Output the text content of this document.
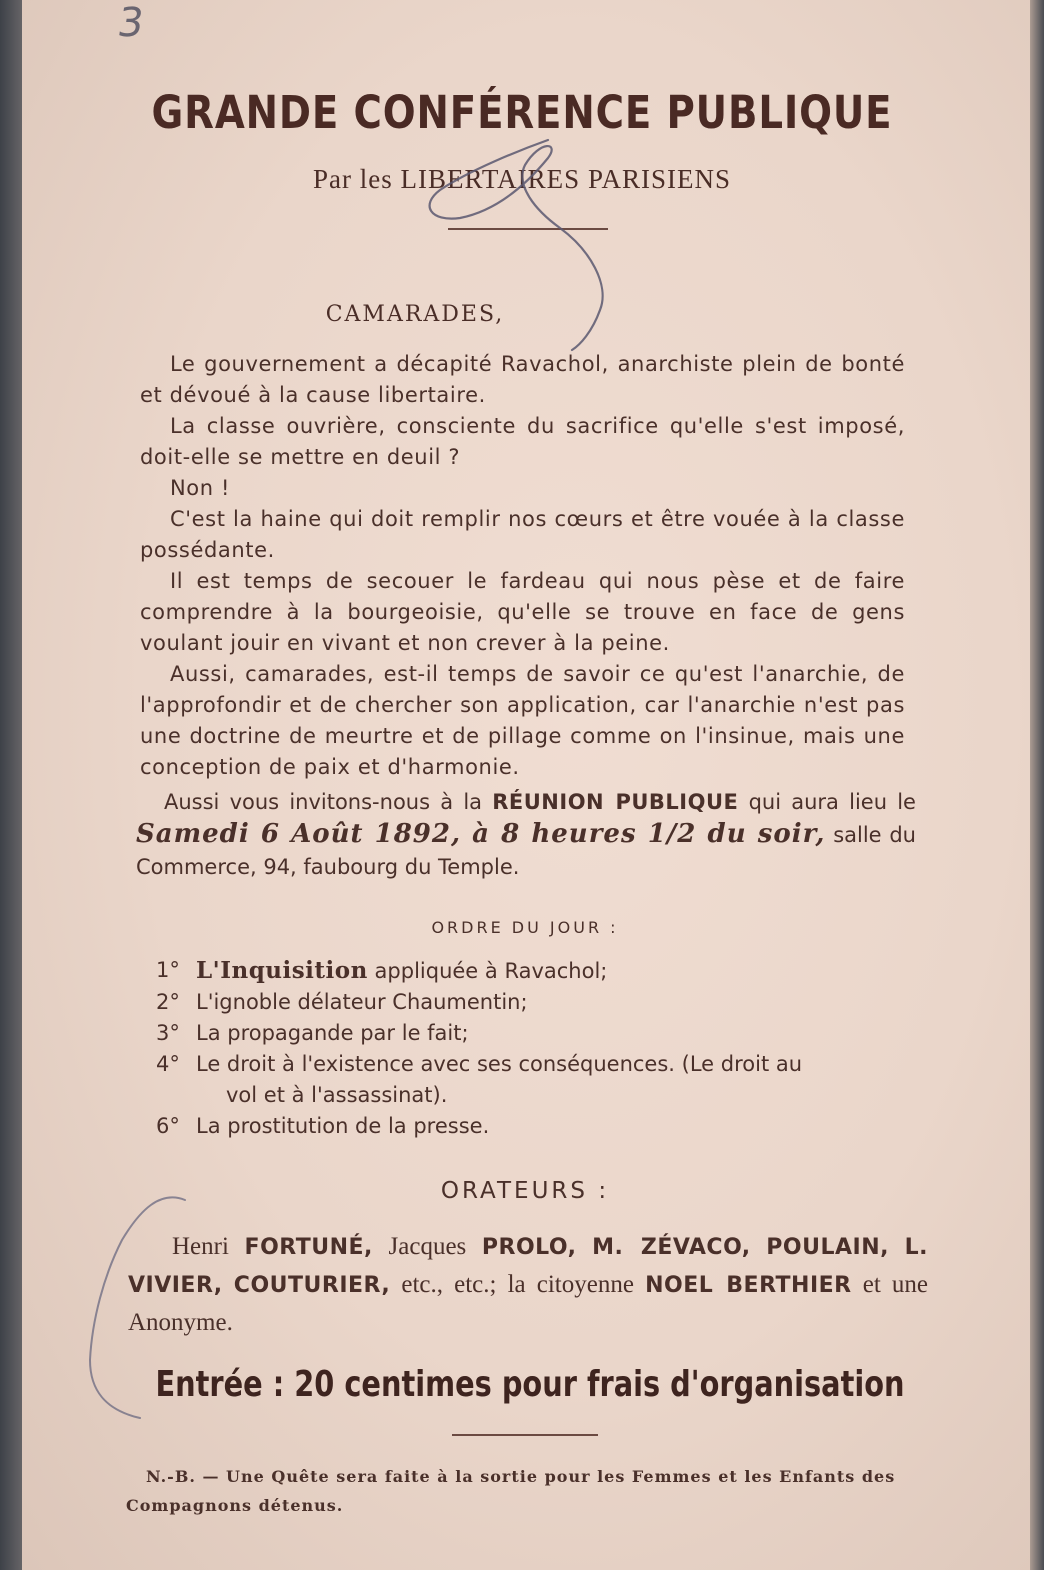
3
GRANDE CONFÉRENCE PUBLIQUE
Par les LIBERTAIRES PARISIENS
CAMARADES,

Le gouvernement a décapité Ravachol, anarchiste plein de bonté et dévoué à la cause libertaire.

La classe ouvrière, consciente du sacrifice qu'elle s'est imposé, doit-elle se mettre en deuil ?

Non !

C'est la haine qui doit remplir nos cœurs et être vouée à la classe possédante.

Il est temps de secouer le fardeau qui nous pèse et de faire comprendre à la bourgeoisie, qu'elle se trouve en face de gens voulant jouir en vivant et non crever à la peine.

Aussi, camarades, est-il temps de savoir ce qu'est l'anarchie, de l'approfondir et de chercher son application, car l'anarchie n'est pas une doctrine de meurtre et de pillage comme on l'insinue, mais une conception de paix et d'harmonie.

Aussi vous invitons-nous à la RÉUNION PUBLIQUE qui aura lieu le Samedi 6 Août 1892, à 8 heures 1/2 du soir, salle du Commerce, 94, faubourg du Temple.

ORDRE DU JOUR :
1° L'Inquisition appliquée à Ravachol;
2° L'ignoble délateur Chaumentin;
3° La propagande par le fait;
4° Le droit à l'existence avec ses conséquences. (Le droit au
vol et à l'assassinat).
6° La prostitution de la presse.
ORATEURS :

Henri FORTUNÉ, Jacques PROLO, M. ZÉVACO, POULAIN, L. VIVIER, COUTURIER, etc., etc.; la citoyenne NOEL BERTHIER et une Anonyme.

Entrée : 20 centimes pour frais d'organisation

N.-B. — Une Quête sera faite à la sortie pour les Femmes et les Enfants des Compagnons détenus.
